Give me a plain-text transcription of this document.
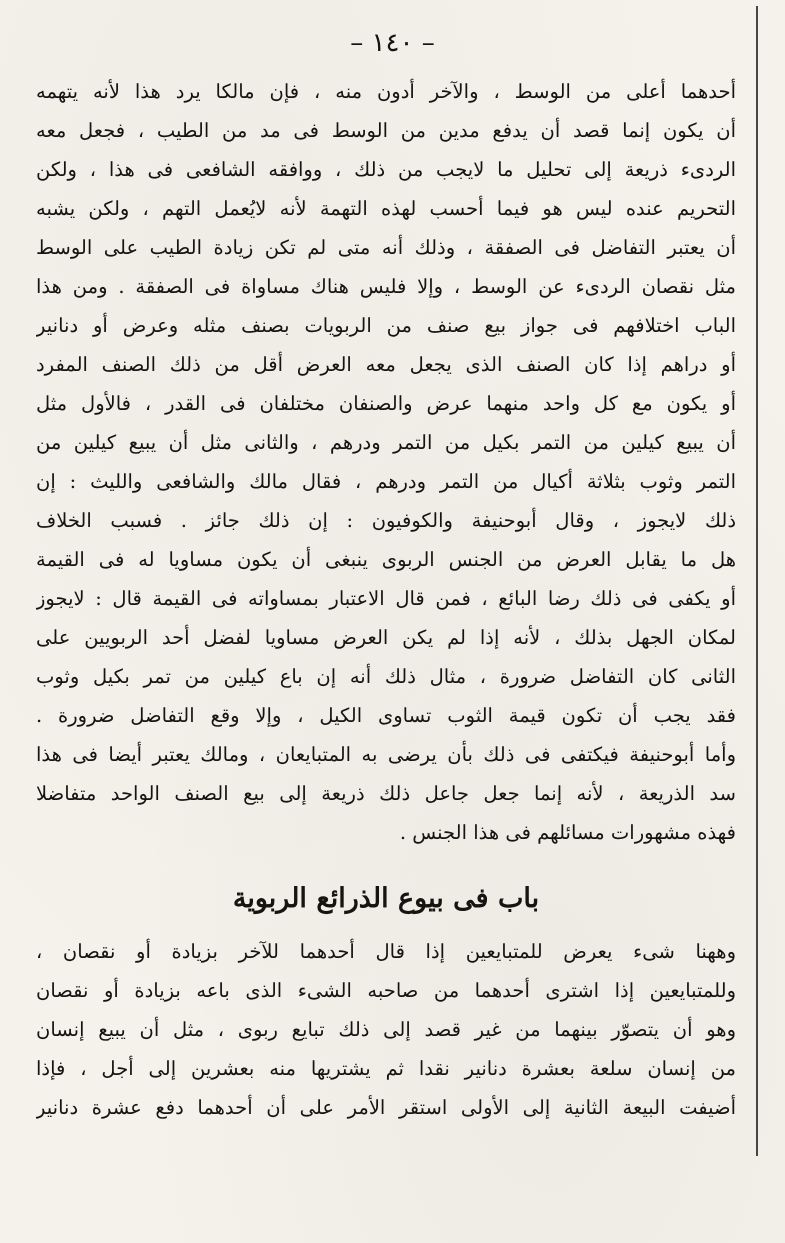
– ١٤٠ –
أحدهما أعلى من الوسط ، والآخر أدون منه ، فإن مالكا يرد هذا لأنه يتهمه
أن يكون إنما قصد أن يدفع مدين من الوسط فى مد من الطيب ، فجعل معه
الردىء ذريعة إلى تحليل ما لايجب من ذلك ، ووافقه الشافعى فى هذا ، ولكن
التحريم عنده ليس هو فيما أحسب لهذه التهمة لأنه لايُعمل التهم ، ولكن يشبه
أن يعتبر التفاضل فى الصفقة ، وذلك أنه متى لم تكن زيادة الطيب على الوسط
مثل نقصان الردىء عن الوسط ، وإلا فليس هناك مساواة فى الصفقة . ومن هذا
الباب اختلافهم فى جواز بيع صنف من الربويات بصنف مثله وعرض أو دنانير
أو دراهم إذا كان الصنف الذى يجعل معه العرض أقل من ذلك الصنف المفرد
أو يكون مع كل واحد منهما عرض والصنفان مختلفان فى القدر ، فالأول مثل
أن يبيع كيلين من التمر بكيل من التمر ودرهم ، والثانى مثل أن يبيع كيلين من
التمر وثوب بثلاثة أكيال من التمر ودرهم ، فقال مالك والشافعى والليث : إن
ذلك لايجوز ، وقال أبوحنيفة والكوفيون : إن ذلك جائز . فسبب الخلاف
هل ما يقابل العرض من الجنس الربوى ينبغى أن يكون مساويا له فى القيمة
أو يكفى فى ذلك رضا البائع ، فمن قال الاعتبار بمساواته فى القيمة قال : لايجوز
لمكان الجهل بذلك ، لأنه إذا لم يكن العرض مساويا لفضل أحد الربويين على
الثانى كان التفاضل ضرورة ، مثال ذلك أنه إن باع كيلين من تمر بكيل وثوب
فقد يجب أن تكون قيمة الثوب تساوى الكيل ، وإلا وقع التفاضل ضرورة .
وأما أبوحنيفة فيكتفى فى ذلك بأن يرضى به المتبايعان ، ومالك يعتبر أيضا فى هذا
سد الذريعة ، لأنه إنما جعل جاعل ذلك ذريعة إلى بيع الصنف الواحد متفاضلا
فهذه مشهورات مسائلهم فى هذا الجنس .
باب فى بيوع الذرائع الربوية
وههنا شىء يعرض للمتبايعين إذا قال أحدهما للآخر بزيادة أو نقصان ،
وللمتبايعين إذا اشترى أحدهما من صاحبه الشىء الذى باعه بزيادة أو نقصان
وهو أن يتصوّر بينهما من غير قصد إلى ذلك تبايع ربوى ، مثل أن يبيع إنسان
من إنسان سلعة بعشرة دنانير نقدا ثم يشتريها منه بعشرين إلى أجل ، فإذا
أضيفت البيعة الثانية إلى الأولى استقر الأمر على أن أحدهما دفع عشرة دنانير
